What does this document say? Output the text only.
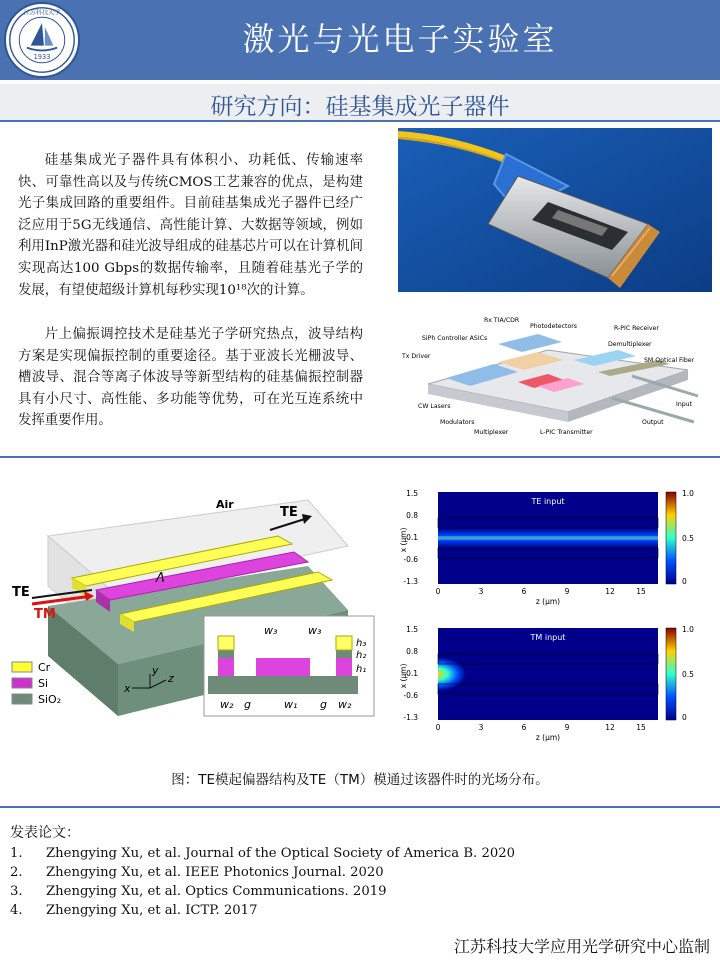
1933
江苏科技大学
激光与光电子实验室
研究方向：硅基集成光子器件

硅基集成光子器件具有体积小、功耗低、传输速率快、可靠性高以及与传统CMOS工艺兼容的优点，是构建光子集成回路的重要组件。目前硅基集成光子器件已经广泛应用于5G无线通信、高性能计算、大数据等领域，例如利用InP激光器和硅光波导组成的硅基芯片可以在计算机间实现高达100 Gbps的数据传输率，且随着硅基光子学的发展，有望使超级计算机每秒实现10¹⁸次的计算。

片上偏振调控技术是硅基光子学研究热点，波导结构方案是实现偏振控制的重要途径。基于亚波长光栅波导、槽波导、混合等离子体波导等新型结构的硅基偏振控制器具有小尺寸、高性能、多功能等优势，可在光互连系统中发挥重要作用。

Rx TIA/CDR
SiPh Controller ASICs
Photodetectors	R-PIC Receiver
Demultiplexer
Tx Driver
SM Optical Fiber
Input
CW Lasers
Modulators
Multiplexer	L-PIC Transmitter
Output
Air
TE
Λ
TE
TM
Cr
Si
SiO₂
x
y
z
w₃	w₃
h₃
h₂
h₁
w₂ g	w₁ g w₂
TE input
1.5
0.8
0.1
-0.6
-1.3
x (μm)
0	3	6	9	12	15
z (μm)
1.0
0.5
0
TM input
1.5
0.8
0.1
-0.6
-1.3
x (μm)
0	3	6	9	12	15
z (μm)
1.0
0.5
0
图：TE模起偏器结构及TE（TM）模通过该器件时的光场分布。
发表论文：
1. Zhengying Xu, et al. Journal of the Optical Society of America B. 2020
2. Zhengying Xu, et al. IEEE Photonics Journal. 2020
3. Zhengying Xu, et al. Optics Communications. 2019
4. Zhengying Xu, et al. ICTP. 2017
江苏科技大学应用光学研究中心监制
